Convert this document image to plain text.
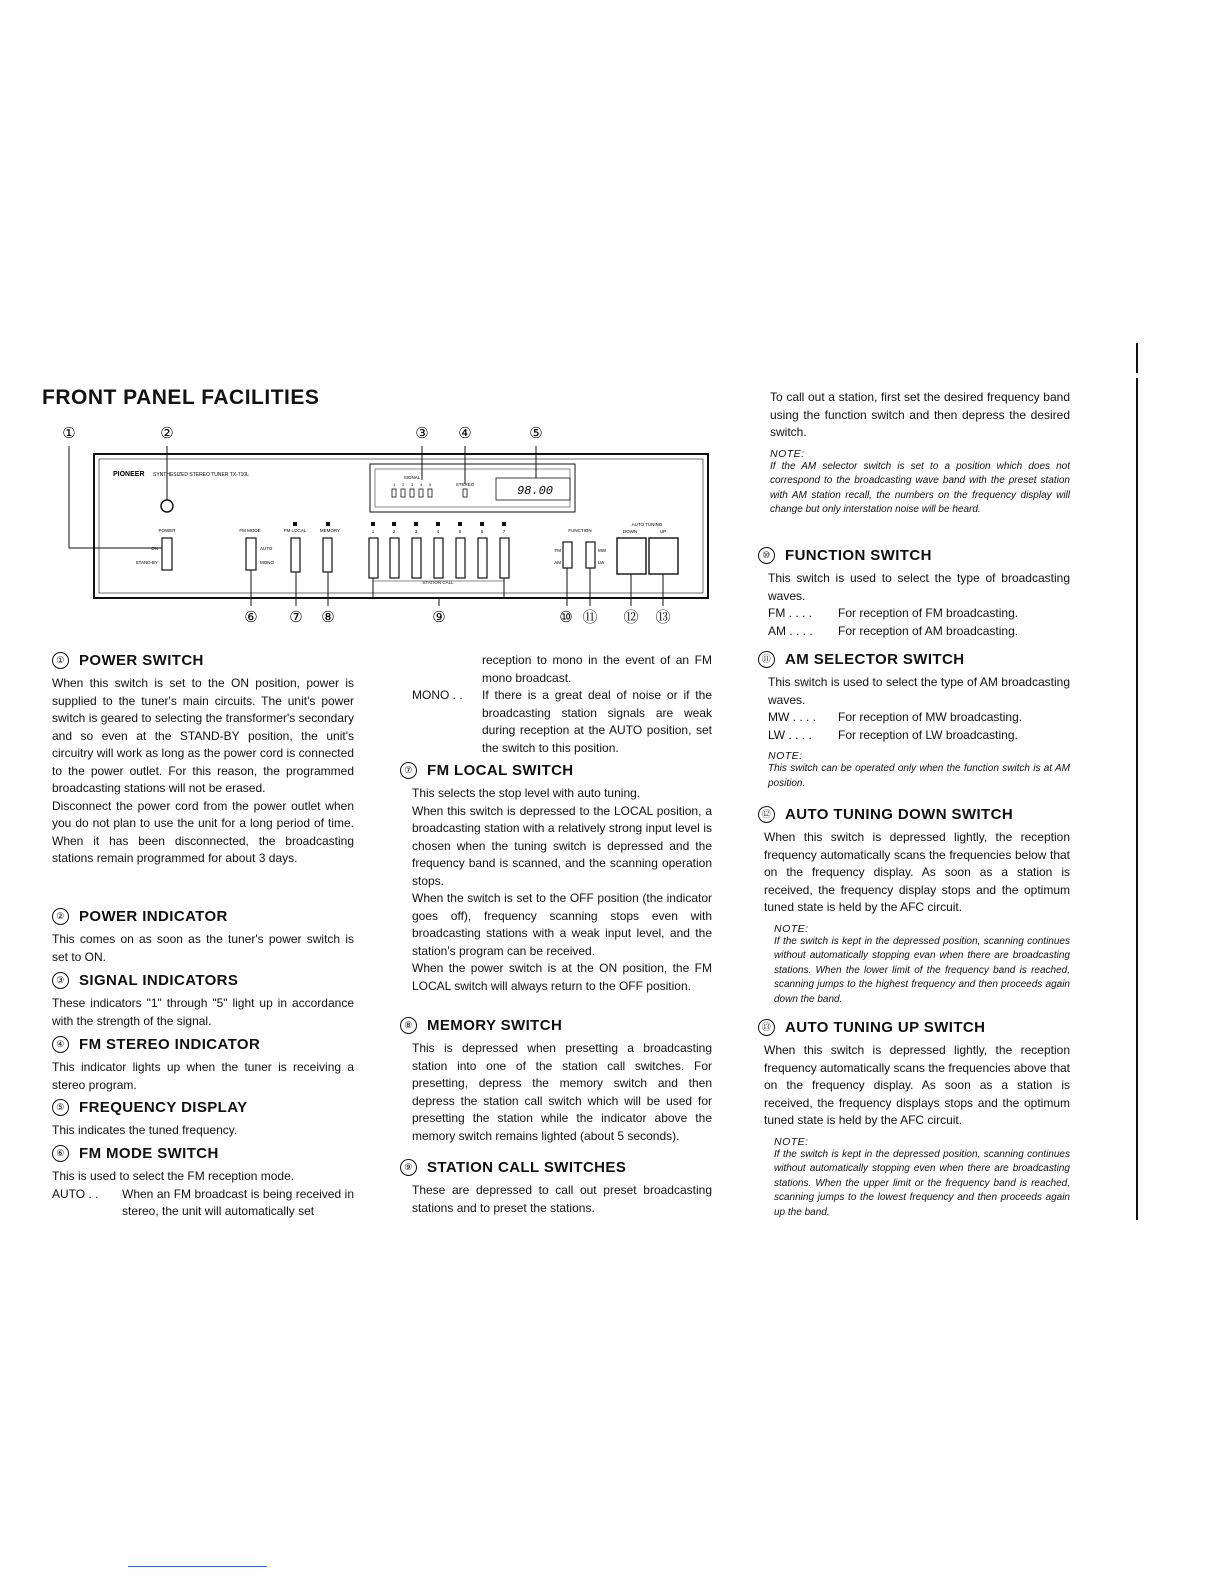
FRONT PANEL FACILITIES
①	②	③ ④	⑤
PIONEER SYNTHESIZED STEREO TUNER TX-710L	SIGNAL
1 2 3 4 5	STEREO	98.00
POWER
ON
STAND-BY
FM MODE	FM LOCAL	MEMORY
AUTO
MONO
1	2	3	4	5	6	7
STATION CALL
FUNCTION
FM
AM
MW
LW
AUTO TUNING
DOWN	UP
⑥ ⑦ ⑧	⑨	⑩ ⑪ ⑫ ⑬
① POWER SWITCH

When this switch is set to the ON position, power is supplied to the tuner's main circuits. The unit's power switch is geared to selecting the transformer's secondary and so even at the STAND-BY position, the unit's circuitry will work as long as the power cord is connected to the power outlet. For this reason, the programmed broadcasting stations will not be erased.

Disconnect the power cord from the power outlet when you do not plan to use the unit for a long period of time. When it has been disconnected, the broadcasting stations remain programmed for about 3 days.

② POWER INDICATOR

This comes on as soon as the tuner's power switch is set to ON.

③ SIGNAL INDICATORS

These indicators "1" through "5" light up in accordance with the strength of the signal.

④ FM STEREO INDICATOR

This indicator lights up when the tuner is receiving a stereo program.

⑤ FREQUENCY DISPLAY

This indicates the tuned frequency.

⑥ FM MODE SWITCH

This is used to select the FM reception mode.

AUTO . .	When an FM broadcast is being received in stereo, the unit will automatically set
reception to mono in the event of an FM mono broadcast.
MONO . .	If there is a great deal of noise or if the broadcasting station signals are weak during reception at the AUTO position, set the switch to this position.
⑦ FM LOCAL SWITCH

This selects the stop level with auto tuning.

When this switch is depressed to the LOCAL position, a broadcasting station with a relatively strong input level is chosen when the tuning switch is depressed and the frequency band is scanned, and the scanning operation stops.

When the switch is set to the OFF position (the indicator goes off), frequency scanning stops even with broadcasting stations with a weak input level, and the station's program can be received.

When the power switch is at the ON position, the FM LOCAL switch will always return to the OFF position.

⑧ MEMORY SWITCH

This is depressed when presetting a broadcasting station into one of the station call switches. For presetting, depress the memory switch and then depress the station call switch which will be used for presetting the station while the indicator above the memory switch remains lighted (about 5 seconds).

⑨ STATION CALL SWITCHES

These are depressed to call out preset broadcasting stations and to preset the stations.

To call out a station, first set the desired frequency band using the function switch and then depress the desired switch.

NOTE:
If the AM selector switch is set to a position which does not correspond to the broadcasting wave band with the preset station with AM station recall, the numbers on the frequency display will change but only interstation noise will be heard.
⑩ FUNCTION SWITCH

This switch is used to select the type of broadcasting waves.

FM . . . .	For reception of FM broadcasting.
AM . . . .	For reception of AM broadcasting.
⑪ AM SELECTOR SWITCH

This switch is used to select the type of AM broadcasting waves.

MW . . . .	For reception of MW broadcasting.
LW . . . .	For reception of LW broadcasting.
NOTE:
This switch can be operated only when the function switch is at AM position.
⑫ AUTO TUNING DOWN SWITCH

When this switch is depressed lightly, the reception frequency automatically scans the frequencies below that on the frequency display. As soon as a station is received, the frequency display stops and the optimum tuned state is held by the AFC circuit.

NOTE:
If the switch is kept in the depressed position, scanning continues without automatically stopping evan when there are broadcasting stations. When the lower limit of the frequency band is reached, scanning jumps to the highest frequency and then proceeds again down the band.
⑬ AUTO TUNING UP SWITCH

When this switch is depressed lightly, the reception frequency automatically scans the frequencies above that on the frequency display. As soon as a station is received, the frequency displays stops and the optimum tuned state is held by the AFC circuit.

NOTE:
If the switch is kept in the depressed position, scanning continues without automatically stopping even when there are broadcasting stations. When the upper limit or the frequency band is reached, scanning jumps to the lowest frequency and then proceeds again up the band.
